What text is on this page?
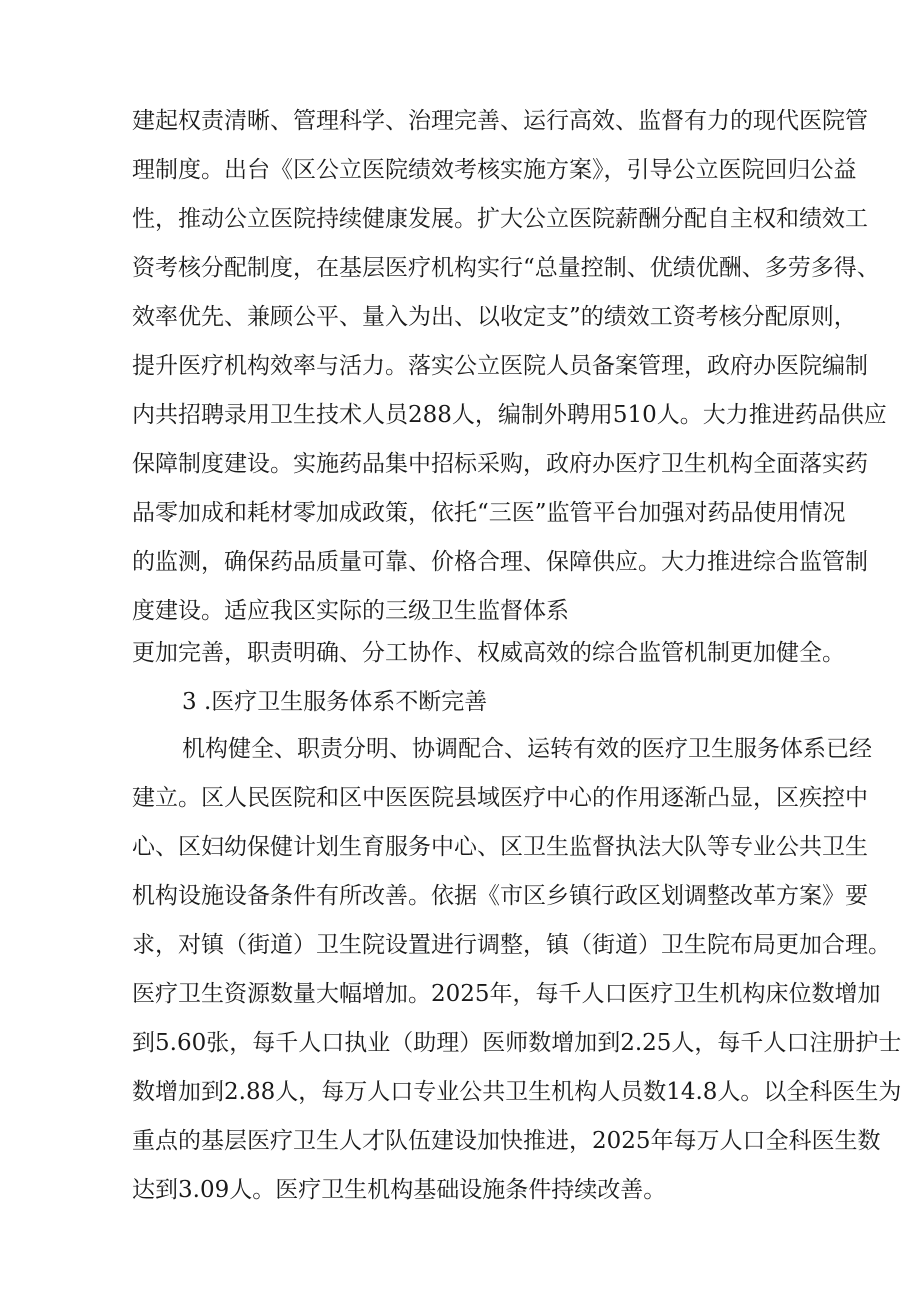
建起权责清晰、管理科学、治理完善、运行高效、监督有力的现代医院管
理制度。出台《区公立医院绩效考核实施方案》，引导公立医院回归公益
性，推动公立医院持续健康发展。扩大公立医院薪酬分配自主权和绩效工
资考核分配制度，在基层医疗机构实行“总量控制、优绩优酬、多劳多得、
效率优先、兼顾公平、量入为出、以收定支”的绩效工资考核分配原则，
提升医疗机构效率与活力。落实公立医院人员备案管理，政府办医院编制
内共招聘录用卫生技术人员288人，编制外聘用510人。大力推进药品供应
保障制度建设。实施药品集中招标采购，政府办医疗卫生机构全面落实药
品零加成和耗材零加成政策，依托“三医”监管平台加强对药品使用情况
的监测，确保药品质量可靠、价格合理、保障供应。大力推进综合监管制
度建设。适应我区实际的三级卫生监督体系
更加完善，职责明确、分工协作、权威高效的综合监管机制更加健全。
3 .医疗卫生服务体系不断完善
机构健全、职责分明、协调配合、运转有效的医疗卫生服务体系已经
建立。区人民医院和区中医医院县域医疗中心的作用逐渐凸显，区疾控中
心、区妇幼保健计划生育服务中心、区卫生监督执法大队等专业公共卫生
机构设施设备条件有所改善。依据《市区乡镇行政区划调整改革方案》要
求，对镇（街道）卫生院设置进行调整，镇（街道）卫生院布局更加合理。
医疗卫生资源数量大幅增加。2025年，每千人口医疗卫生机构床位数增加
到5.60张，每千人口执业（助理）医师数增加到2.25人，每千人口注册护士
数增加到2.88人，每万人口专业公共卫生机构人员数14.8人。以全科医生为
重点的基层医疗卫生人才队伍建设加快推进，2025年每万人口全科医生数
达到3.09人。医疗卫生机构基础设施条件持续改善。
